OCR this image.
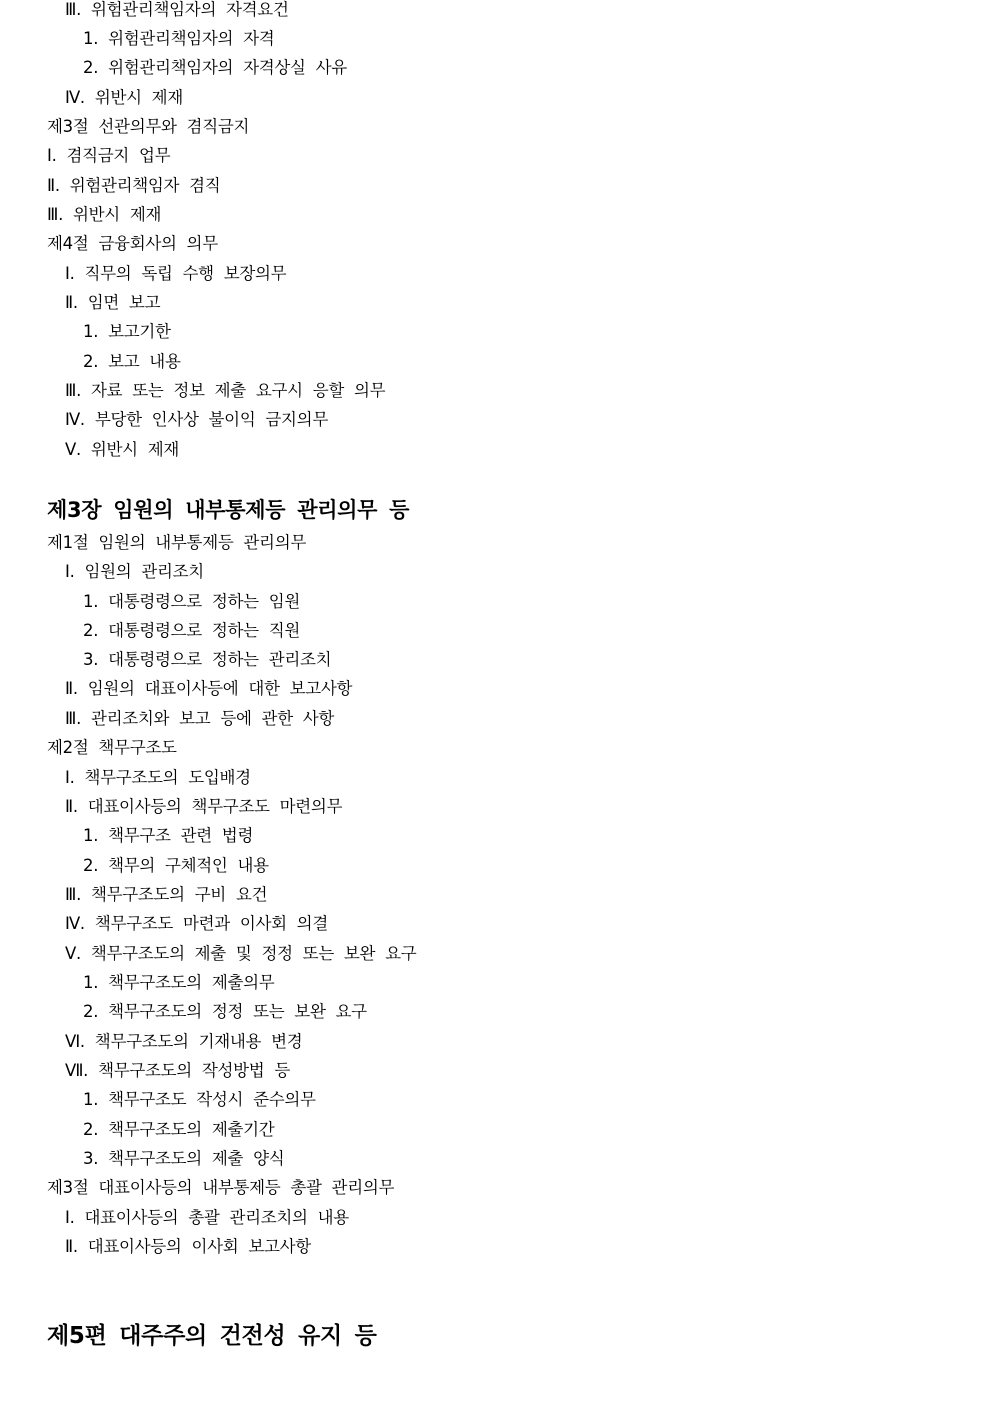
Ⅲ. 위험관리책임자의 자격요건
1. 위험관리책임자의 자격
2. 위험관리책임자의 자격상실 사유
Ⅳ. 위반시 제재
제3절 선관의무와 겸직금지
Ⅰ. 겸직금지 업무
Ⅱ. 위험관리책임자 겸직
Ⅲ. 위반시 제재
제4절 금융회사의 의무
Ⅰ. 직무의 독립 수행 보장의무
Ⅱ. 임면 보고
1. 보고기한
2. 보고 내용
Ⅲ. 자료 또는 정보 제출 요구시 응할 의무
Ⅳ. 부당한 인사상 불이익 금지의무
Ⅴ. 위반시 제재
제3장 임원의 내부통제등 관리의무 등
제1절 임원의 내부통제등 관리의무
Ⅰ. 임원의 관리조치
1. 대통령령으로 정하는 임원
2. 대통령령으로 정하는 직원
3. 대통령령으로 정하는 관리조치
Ⅱ. 임원의 대표이사등에 대한 보고사항
Ⅲ. 관리조치와 보고 등에 관한 사항
제2절 책무구조도
Ⅰ. 책무구조도의 도입배경
Ⅱ. 대표이사등의 책무구조도 마련의무
1. 책무구조 관련 법령
2. 책무의 구체적인 내용
Ⅲ. 책무구조도의 구비 요건
Ⅳ. 책무구조도 마련과 이사회 의결
Ⅴ. 책무구조도의 제출 및 정정 또는 보완 요구
1. 책무구조도의 제출의무
2. 책무구조도의 정정 또는 보완 요구
Ⅵ. 책무구조도의 기재내용 변경
Ⅶ. 책무구조도의 작성방법 등
1. 책무구조도 작성시 준수의무
2. 책무구조도의 제출기간
3. 책무구조도의 제출 양식
제3절 대표이사등의 내부통제등 총괄 관리의무
Ⅰ. 대표이사등의 총괄 관리조치의 내용
Ⅱ. 대표이사등의 이사회 보고사항
제5편 대주주의 건전성 유지 등
